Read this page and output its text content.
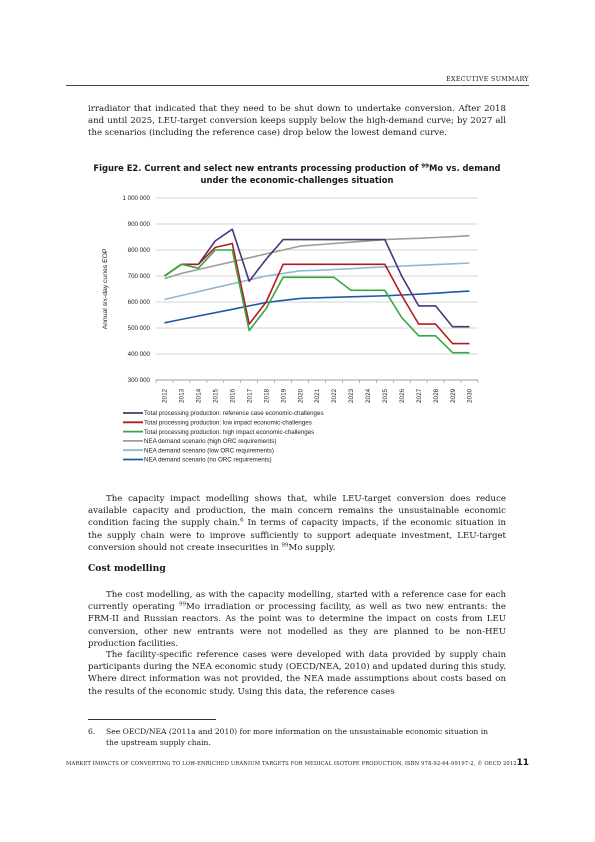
EXECUTIVE SUMMARY
irradiator that indicated that they need to be shut down to undertake conversion. After 2018 and until 2025, LEU-target conversion keeps supply below the high-demand curve; by 2027 all the scenarios (including the reference case) drop below the lowest demand curve.
Figure E2. Current and select new entrants processing production of $^{99}$Mo vs. demand under the economic-challenges situation
1 000 000
900 000
800 000
700 000
600 000
500 000
400 000
300 000
2012 2013 2014 2015 2016 2017 2018 2019 2020 2021 2022 2023 2024 2025 2026 2027 2028 2029 2030
Annual six-day curies EOP
Total processing production: reference case economic-challenges
Total processing production: low impact economic-challenges
Total processing production: high impact economic-challenges
NEA demand scenario (high ORC requirements)
NEA demand scenario (low ORC requirements)
NEA demand scenario (no ORC requirements)
The capacity impact modelling shows that, while LEU-target conversion does reduce available capacity and production, the main concern remains the unsustainable economic condition facing the supply chain.$^6$ In terms of capacity impacts, if the economic situation in the supply chain were to improve sufficiently to support adequate investment, LEU-target conversion should not create insecurities in $^{99}$Mo supply.
Cost modelling
The cost modelling, as with the capacity modelling, started with a reference case for each currently operating $^{99}$Mo irradiation or processing facility, as well as two new entrants: the FRM-II and Russian reactors. As the point was to determine the impact on costs from LEU conversion, other new entrants were not modelled as they are planned to be non-HEU production facilities.
The facility-specific reference cases were developed with data provided by supply chain participants during the NEA economic study (OECD/NEA, 2010) and updated during this study. Where direct information was not provided, the NEA made assumptions about costs based on the results of the economic study. Using this data, the reference cases
6. See OECD/NEA (2011a and 2010) for more information on the unsustainable economic situation in the upstream supply chain.
MARKET IMPACTS OF CONVERTING TO LOW-ENRICHED URANIUM TARGETS FOR MEDICAL ISOTOPE PRODUCTION, ISBN 978-92-64-99197-2, © OECD 2012 11
